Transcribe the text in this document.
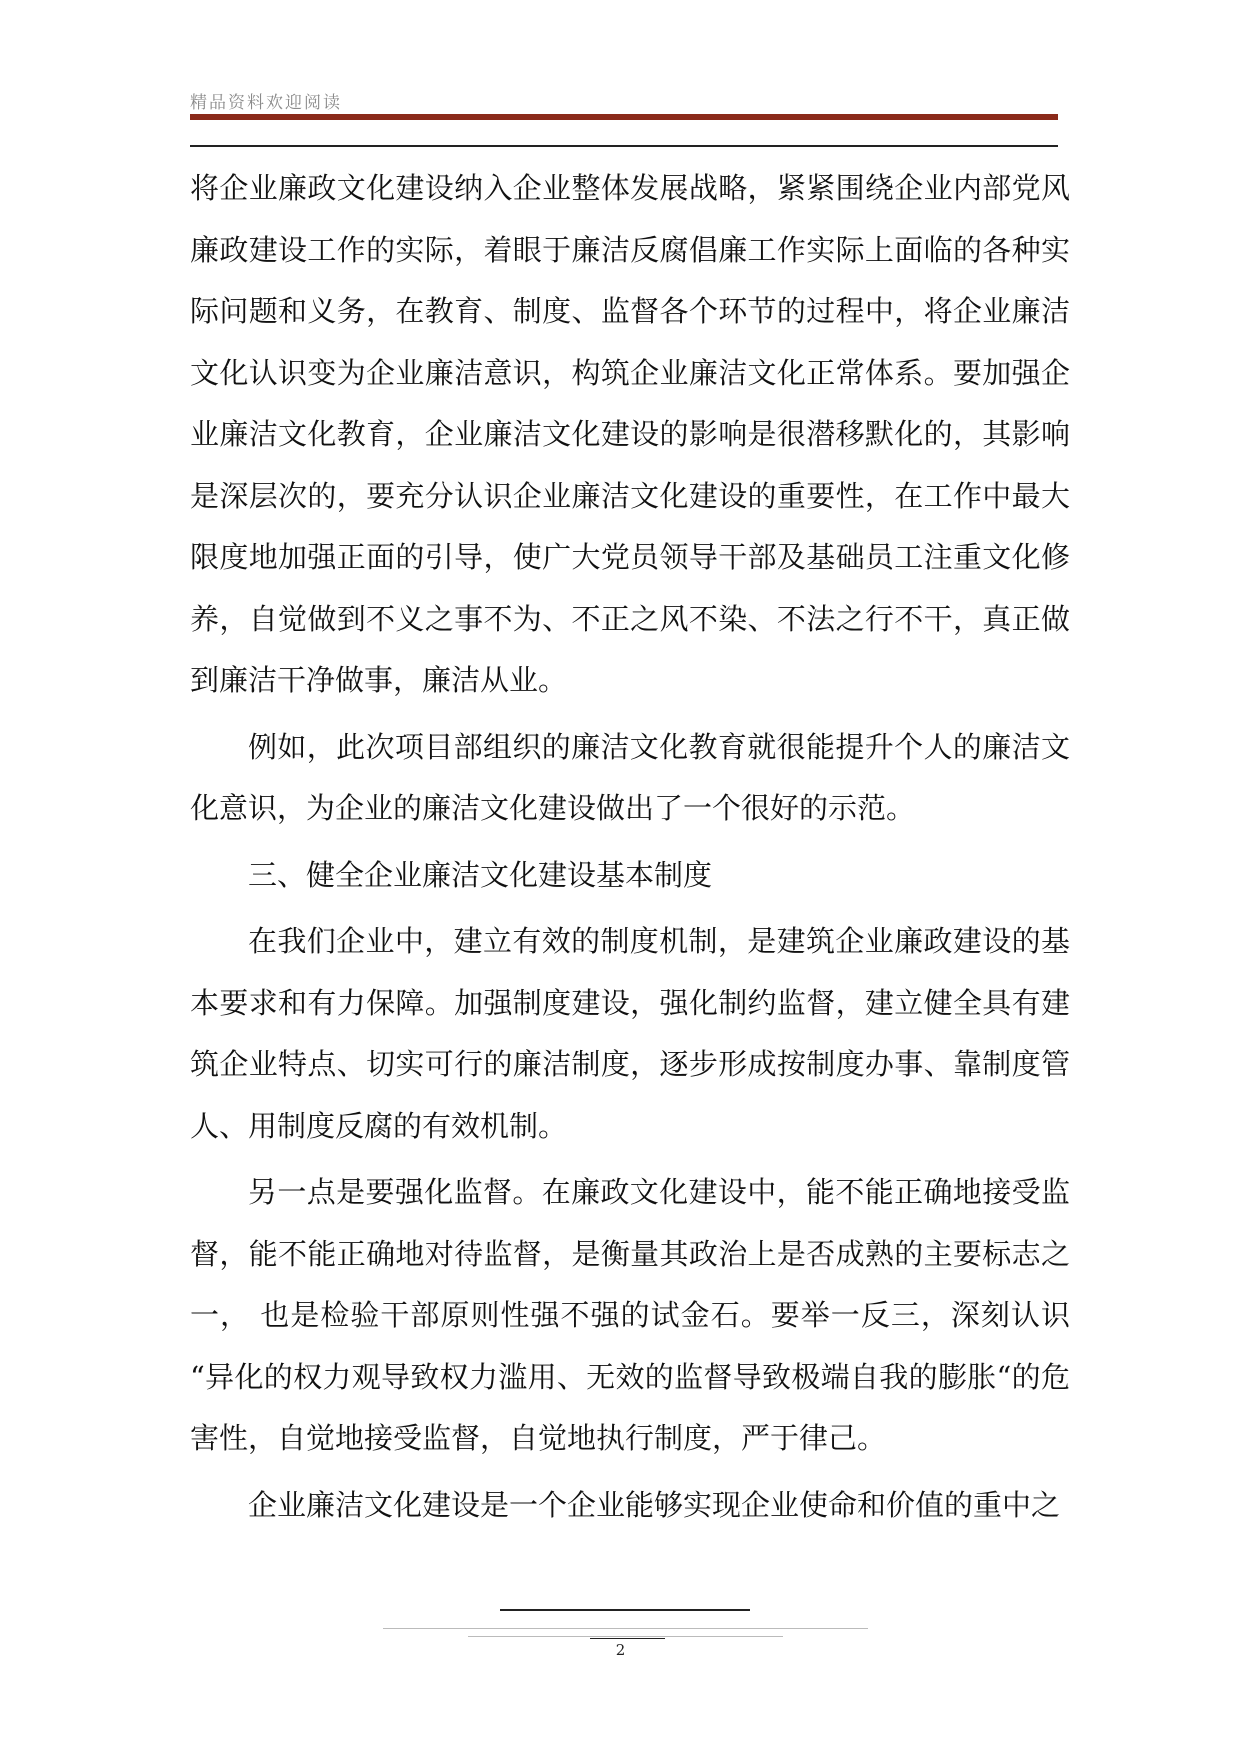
精品资料欢迎阅读

将企业廉政文化建设纳入企业整体发展战略，紧紧围绕企业内部党风廉政建设工作的实际，着眼于廉洁反腐倡廉工作实际上面临的各种实际问题和义务，在教育、制度、监督各个环节的过程中，将企业廉洁文化认识变为企业廉洁意识，构筑企业廉洁文化正常体系。要加强企业廉洁文化教育，企业廉洁文化建设的影响是很潜移默化的，其影响是深层次的，要充分认识企业廉洁文化建设的重要性，在工作中最大限度地加强正面的引导，使广大党员领导干部及基础员工注重文化修养，自觉做到不义之事不为、不正之风不染、不法之行不干，真正做到廉洁干净做事，廉洁从业。

例如，此次项目部组织的廉洁文化教育就很能提升个人的廉洁文化意识，为企业的廉洁文化建设做出了一个很好的示范。

三、健全企业廉洁文化建设基本制度

在我们企业中，建立有效的制度机制，是建筑企业廉政建设的基本要求和有力保障。加强制度建设，强化制约监督，建立健全具有建筑企业特点、切实可行的廉洁制度，逐步形成按制度办事、靠制度管人、用制度反腐的有效机制。

另一点是要强化监督。在廉政文化建设中，能不能正确地接受监督，能不能正确地对待监督，是衡量其政治上是否成熟的主要标志之一， 也是检验干部原则性强不强的试金石。要举一反三，深刻认识 “异化的权力观导致权力滥用、无效的监督导致极端自我的膨胀“的危害性，自觉地接受监督，自觉地执行制度，严于律己。

企业廉洁文化建设是一个企业能够实现企业使命和价值的重中之

2
